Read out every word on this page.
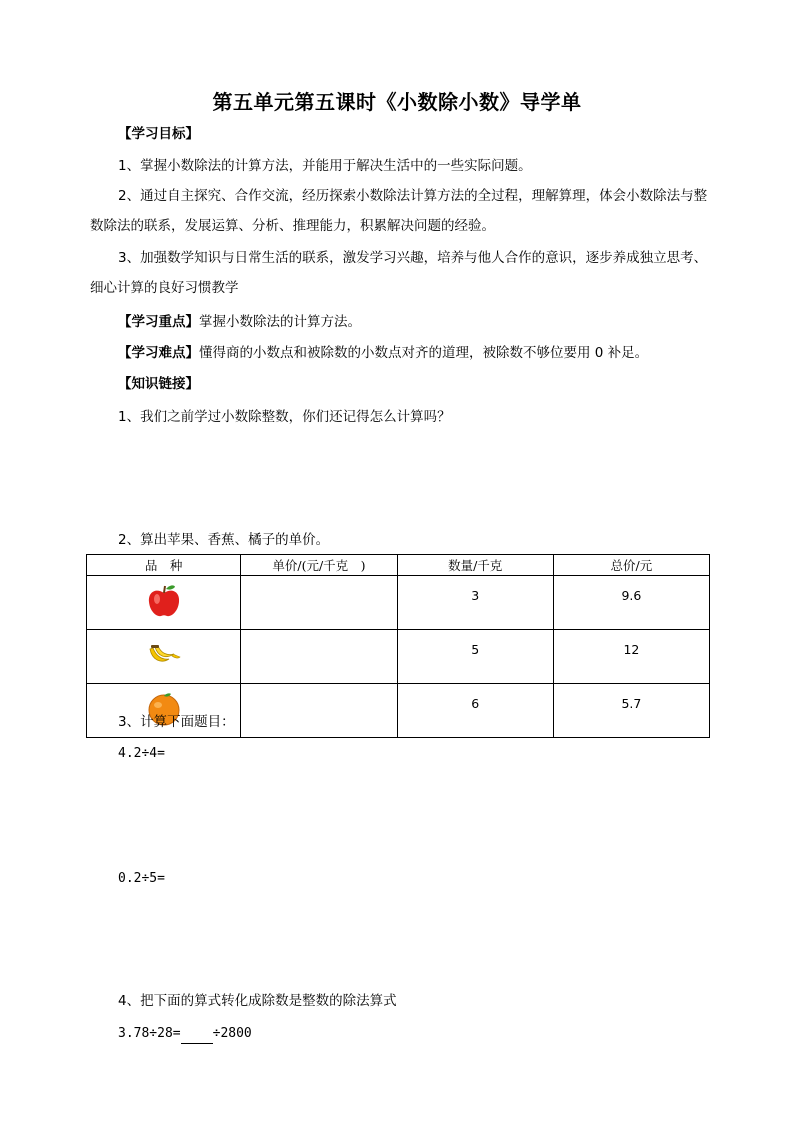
第五单元第五课时《小数除小数》导学单
【学习目标】
1、掌握小数除法的计算方法，并能用于解决生活中的一些实际问题。
2、通过自主探究、合作交流，经历探索小数除法计算方法的全过程，理解算理，体会小数除法与整数除法的联系，发展运算、分析、推理能力，积累解决问题的经验。
3、加强数学知识与日常生活的联系，激发学习兴趣，培养与他人合作的意识，逐步养成独立思考、细心计算的良好习惯教学
【学习重点】掌握小数除法的计算方法。
【学习难点】懂得商的小数点和被除数的小数点对齐的道理，被除数不够位要用 0 补足。
【知识链接】
1、我们之前学过小数除整数，你们还记得怎么计算吗？
2、算出苹果、香蕉、橘子的单价。
品　种	单价/(元/千克　)	数量/千克	总价/元
		3	9.6
		5	12
		6	5.7
3、计算下面题目：
4.2÷4=
0.2÷5=
4、把下面的算式转化成除数是整数的除法算式
3.78÷28= ÷2800
